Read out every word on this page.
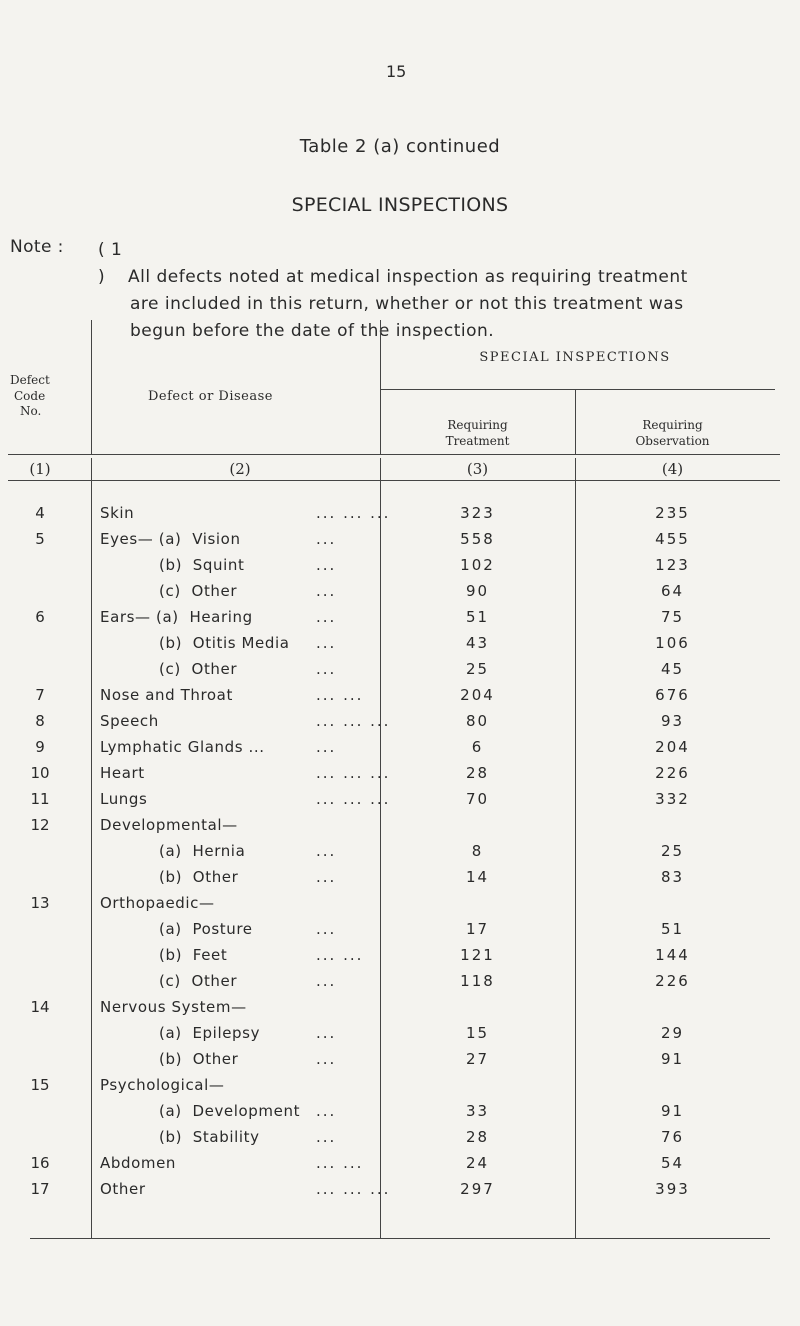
15
Table 2 (a) continued
SPECIAL INSPECTIONS
Note : ( 1 ) All defects noted at medical inspection as requiring treatment
are included in this return, whether or not this treatment was
begun before the date of the inspection.
Defect
Code
No.
Defect or Disease
SPECIAL INSPECTIONS
Requiring
Treatment
Requiring
Observation
(1)	(2)	(3)	(4)
4	Skin	... ... ...	323	235
5	Eyes— (a)  Vision	...	558	455
(b)  Squint	...	102	123
(c)  Other	...	90	64
6	Ears— (a)  Hearing	...	51	75
(b)  Otitis Media	...	43	106
(c)  Other	...	25	45
7	Nose and Throat	... ...	204	676
8	Speech	... ... ...	80	93
9	Lymphatic Glands ...	...	6	204
10	Heart	... ... ...	28	226
11	Lungs	... ... ...	70	332
12	Developmental—
(a)  Hernia	...	8	25
(b)  Other	...	14	83
13	Orthopaedic—
(a)  Posture	...	17	51
(b)  Feet	... ...	121	144
(c)  Other	...	118	226
14	Nervous System—
(a)  Epilepsy	...	15	29
(b)  Other	...	27	91
15	Psychological—
(a)  Development	...	33	91
(b)  Stability	...	28	76
16	Abdomen	... ...	24	54
17	Other	... ... ...	297	393
